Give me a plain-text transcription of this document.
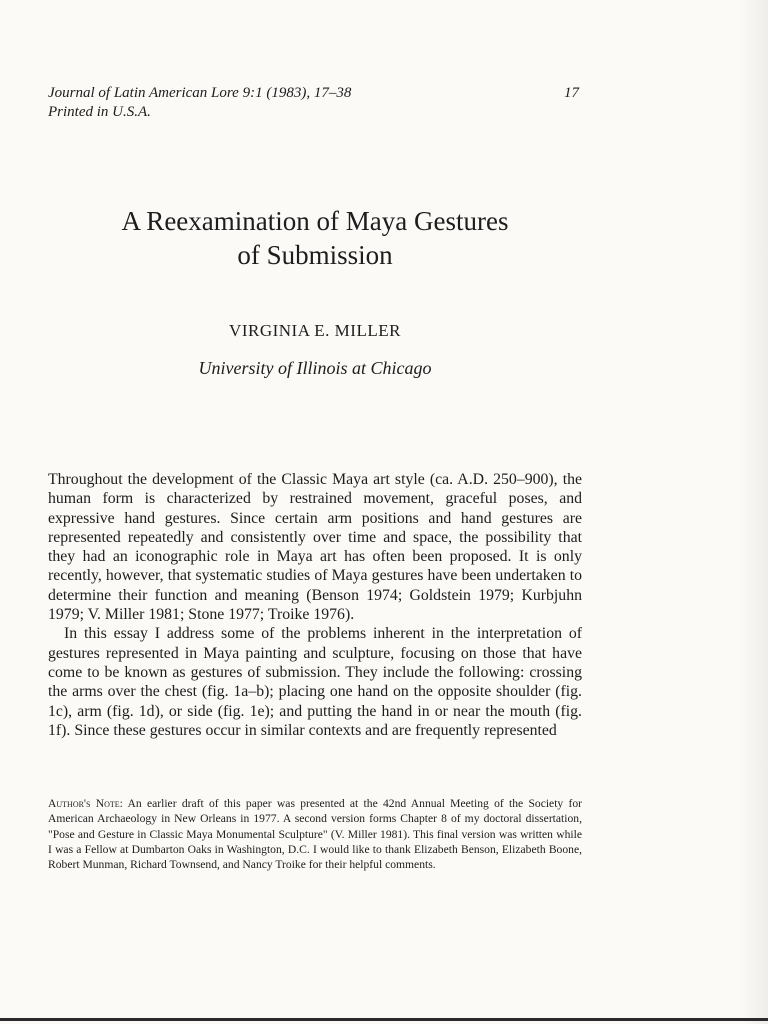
Journal of Latin American Lore 9:1 (1983), 17–38
Printed in U.S.A.
17
A Reexamination of Maya Gestures
of Submission
VIRGINIA E. MILLER
University of Illinois at Chicago

Throughout the development of the Classic Maya art style (ca. A.D. 250–900), the human form is characterized by restrained movement, graceful poses, and expressive hand gestures. Since certain arm positions and hand gestures are represented repeatedly and consistently over time and space, the possibility that they had an iconographic role in Maya art has often been proposed. It is only recently, however, that systematic studies of Maya gestures have been undertaken to determine their function and meaning (Benson 1974; Goldstein 1979; Kurbjuhn 1979; V. Miller 1981; Stone 1977; Troike 1976).

In this essay I address some of the problems inherent in the interpretation of gestures represented in Maya painting and sculpture, focusing on those that have come to be known as gestures of submission. They include the following: crossing the arms over the chest (fig. 1a–b); placing one hand on the opposite shoulder (fig. 1c), arm (fig. 1d), or side (fig. 1e); and putting the hand in or near the mouth (fig. 1f). Since these gestures occur in similar contexts and are frequently represented

Author's Note: An earlier draft of this paper was presented at the 42nd Annual Meeting of the Society for American Archaeology in New Orleans in 1977. A second version forms Chapter 8 of my doctoral dissertation, "Pose and Gesture in Classic Maya Monumental Sculpture" (V. Miller 1981). This final version was written while I was a Fellow at Dumbarton Oaks in Washington, D.C. I would like to thank Elizabeth Benson, Elizabeth Boone, Robert Munman, Richard Townsend, and Nancy Troike for their helpful comments.
